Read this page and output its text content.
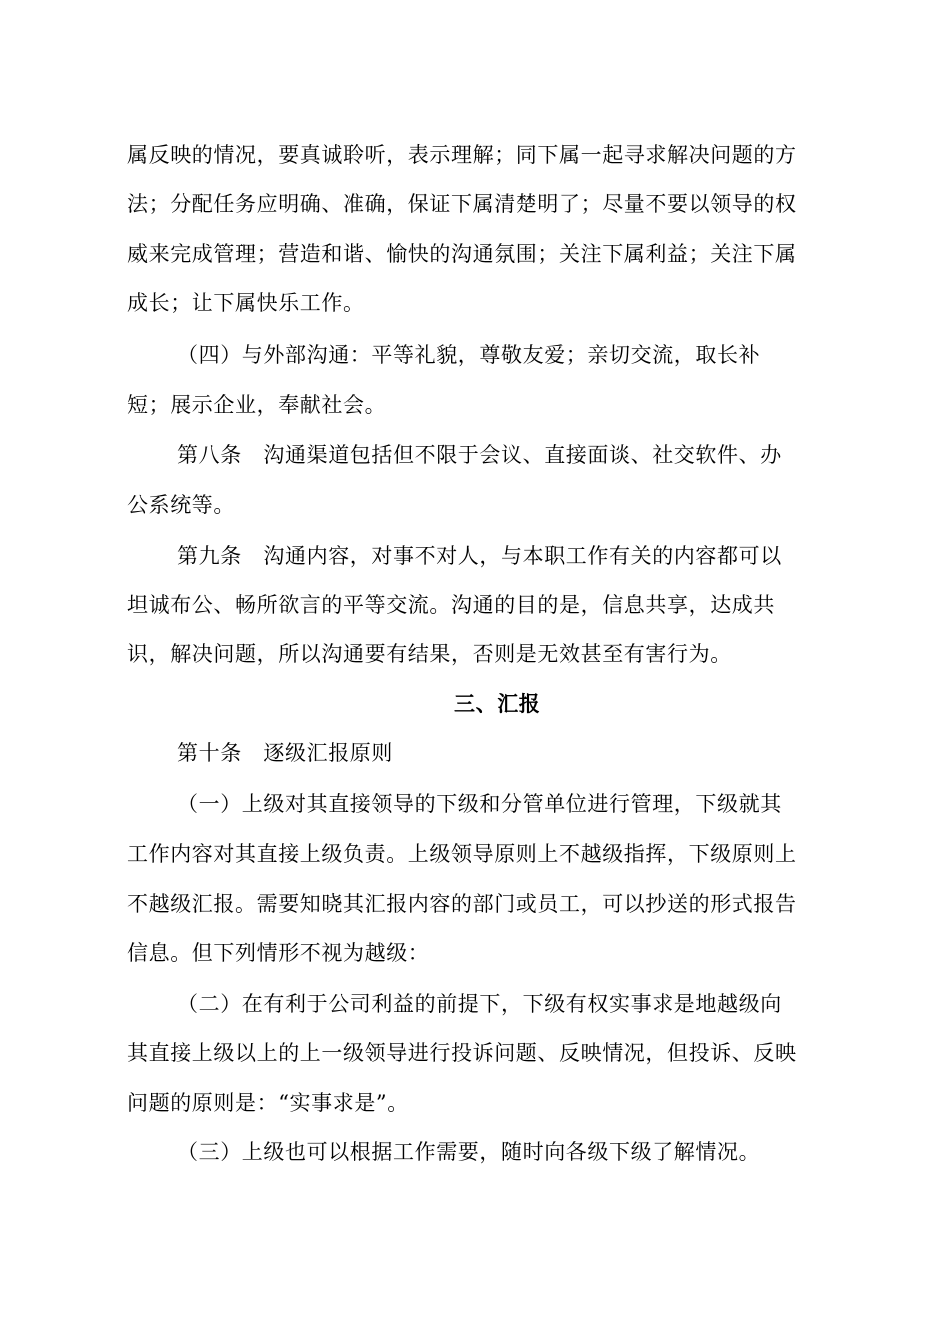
属反映的情况，要真诚聆听，表示理解；同下属一起寻求解决问题的方
法；分配任务应明确、准确，保证下属清楚明了；尽量不要以领导的权
威来完成管理；营造和谐、愉快的沟通氛围；关注下属利益；关注下属
成长；让下属快乐工作。
（四）与外部沟通：平等礼貌，尊敬友爱；亲切交流，取长补
短；展示企业，奉献社会。
第八条　沟通渠道包括但不限于会议、直接面谈、社交软件、办
公系统等。
第九条　沟通内容，对事不对人，与本职工作有关的内容都可以
坦诚布公、畅所欲言的平等交流。沟通的目的是，信息共享，达成共
识，解决问题，所以沟通要有结果，否则是无效甚至有害行为。
三、汇报
第十条　逐级汇报原则
（一）上级对其直接领导的下级和分管单位进行管理，下级就其
工作内容对其直接上级负责。上级领导原则上不越级指挥，下级原则上
不越级汇报。需要知晓其汇报内容的部门或员工，可以抄送的形式报告
信息。但下列情形不视为越级：
（二）在有利于公司利益的前提下，下级有权实事求是地越级向
其直接上级以上的上一级领导进行投诉问题、反映情况，但投诉、反映
问题的原则是：“实事求是”。
（三）上级也可以根据工作需要，随时向各级下级了解情况。
